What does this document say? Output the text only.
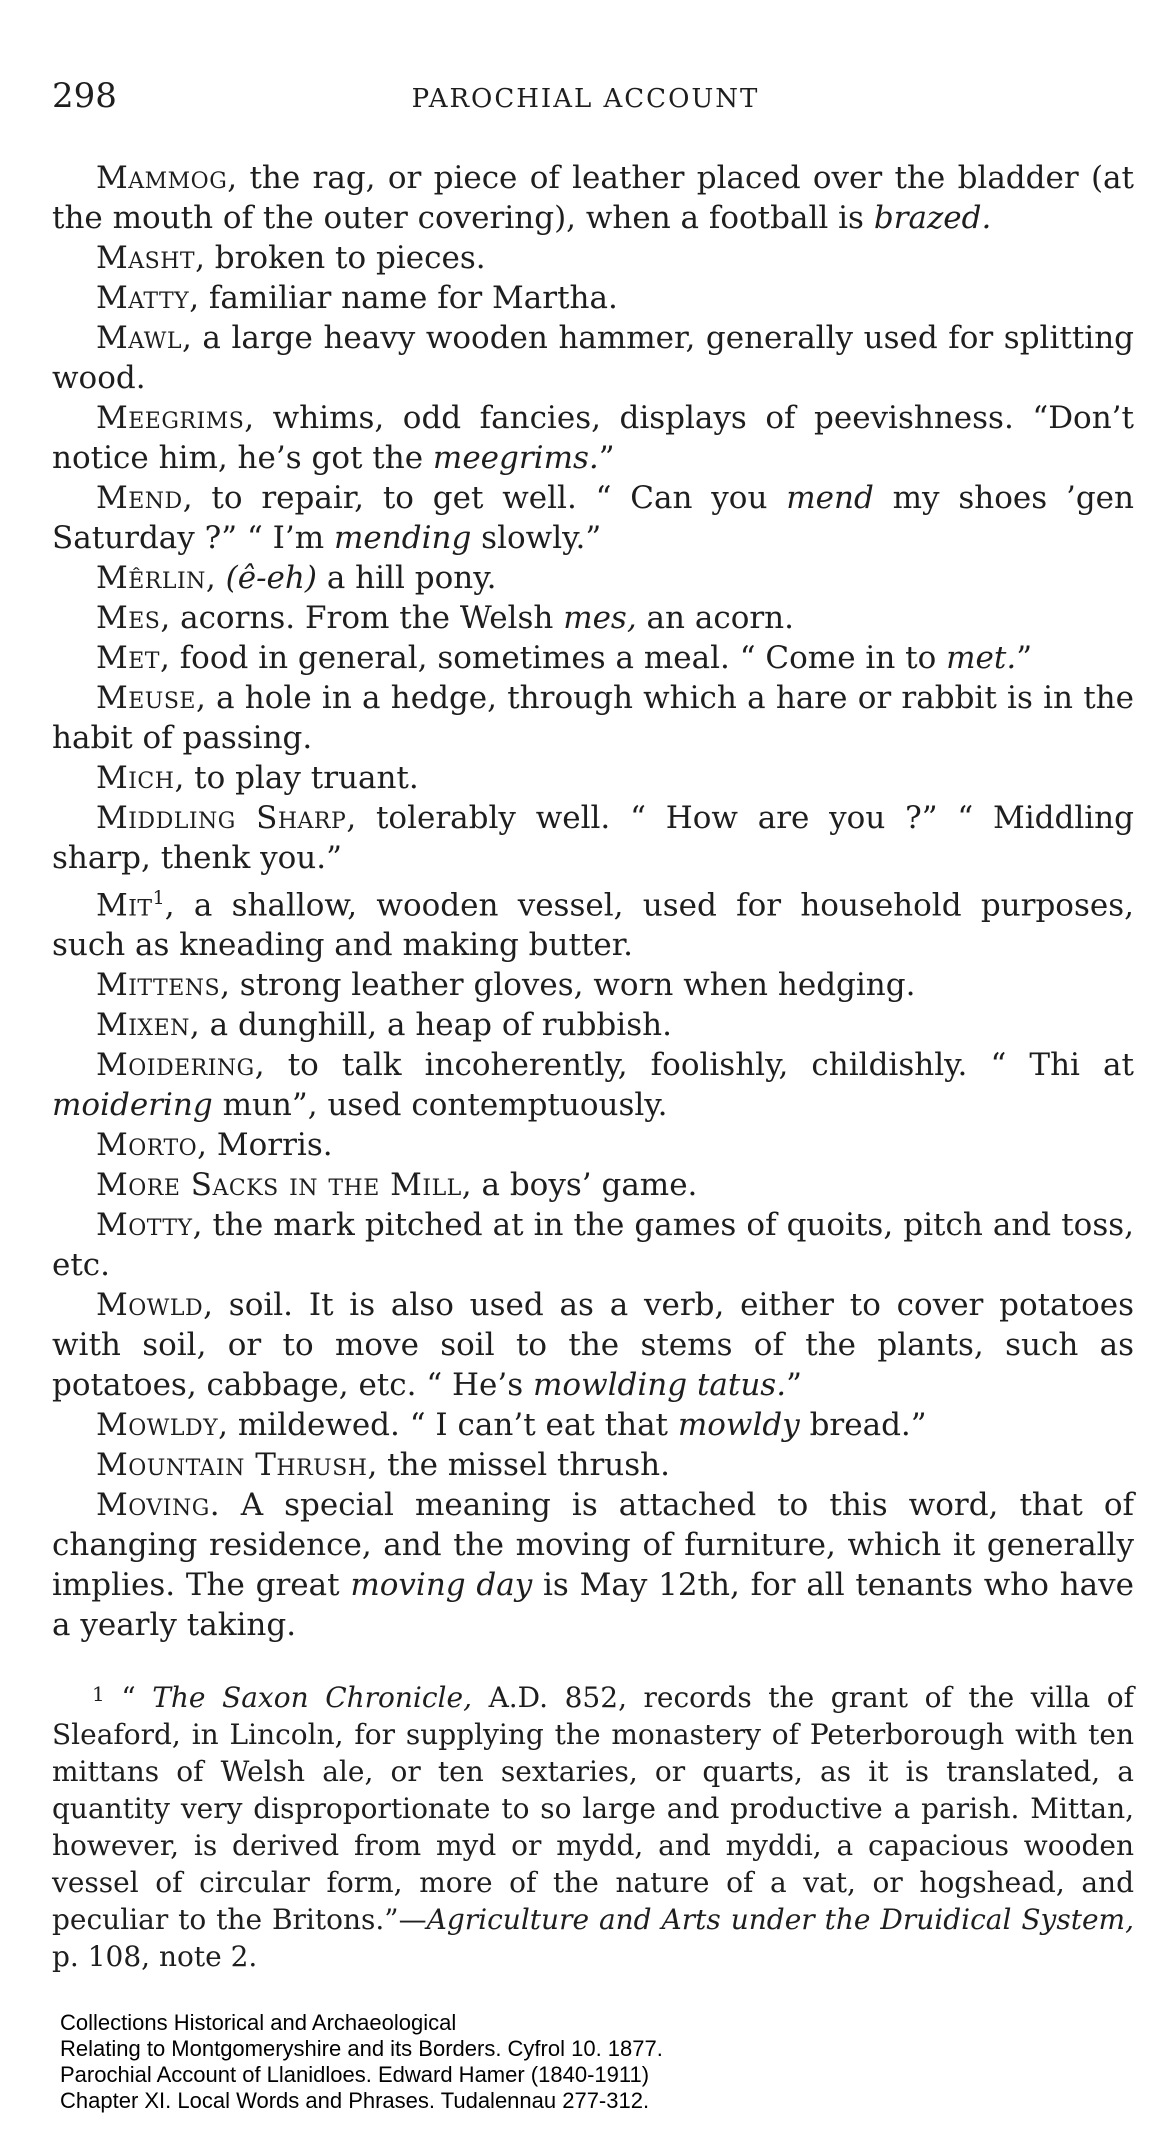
298	PAROCHIAL ACCOUNT

Mammog, the rag, or piece of leather placed over the bladder (at the mouth of the outer covering), when a football is brazed.

Masht, broken to pieces.

Matty, familiar name for Martha.

Mawl, a large heavy wooden hammer, generally used for splitting wood.

Meegrims, whims, odd fancies, displays of peevishness. “Don’t notice him, he’s got the meegrims.”

Mend, to repair, to get well. “ Can you mend my shoes ’gen Saturday ?” “ I’m mending slowly.”

Mêrlin, (ê-eh) a hill pony.

Mes, acorns. From the Welsh mes, an acorn.

Met, food in general, sometimes a meal. “ Come in to met.”

Meuse, a hole in a hedge, through which a hare or rabbit is in the habit of passing.

Mich, to play truant.

Middling Sharp, tolerably well. “ How are you ?” “ Middling sharp, thenk you.”

Mit$^1$, a shallow, wooden vessel, used for household purposes, such as kneading and making butter.

Mittens, strong leather gloves, worn when hedging.

Mixen, a dunghill, a heap of rubbish.

Moidering, to talk incoherently, foolishly, childishly. “ Thi at moidering mun”, used contemptuously.

Morto, Morris.

More Sacks in the Mill, a boys’ game.

Motty, the mark pitched at in the games of quoits, pitch and toss, etc.

Mowld, soil. It is also used as a verb, either to cover potatoes with soil, or to move soil to the stems of the plants, such as potatoes, cabbage, etc. “ He’s mowlding tatus.”

Mowldy, mildewed. “ I can’t eat that mowldy bread.”

Mountain Thrush, the missel thrush.

Moving. A special meaning is attached to this word, that of changing residence, and the moving of furniture, which it generally implies. The great moving day is May 12th, for all tenants who have a yearly taking.

$^1$ “ The Saxon Chronicle, A.D. 852, records the grant of the villa of Sleaford, in Lincoln, for supplying the monastery of Peterborough with ten mittans of Welsh ale, or ten sextaries, or quarts, as it is translated, a quantity very disproportionate to so large and productive a parish. Mittan, however, is derived from myd or mydd, and myddi, a capacious wooden vessel of circular form, more of the nature of a vat, or hogshead, and peculiar to the Britons.”—Agriculture and Arts under the Druidical System, p. 108, note 2.

Collections Historical and Archaeological
Relating to Montgomeryshire and its Borders. Cyfrol 10. 1877.
Parochial Account of Llanidloes. Edward Hamer (1840-1911)
Chapter XI. Local Words and Phrases. Tudalennau 277-312.
